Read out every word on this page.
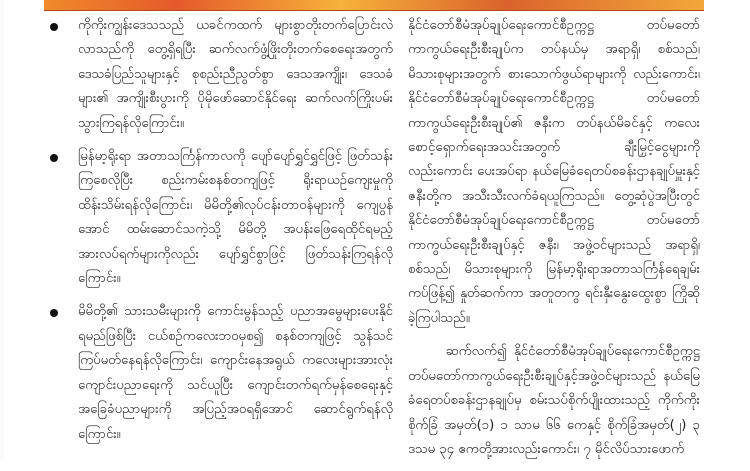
ကိုကိုးကျွန်းဒေသသည် ယခင်ကထက် များစွာတိုးတက်ပြောင်းလဲလာသည်ကို တွေ့ရှိရပြီး ဆက်လက်ဖွံ့ဖြိုးတိုးတက်စေရေးအတွက် ဒေသခံပြည်သူများနှင့် စုစည်းညီညွတ်စွာ ဒေသအကျိုး၊ ဒေသခံများ၏ အကျိုးစီးပွားကို ပိုမိုဖော်ဆောင်နိုင်ရေး ဆက်လက်ကြိုးပမ်းသွားကြရန်လိုကြောင်း။
မြန်မာ့ရိုးရာ အတာသင်္ကြန်ကာလကို ပျော်ပျော်ရွှင်ရွှင်ဖြင့် ဖြတ်သန်းကြစေလိုပြီး စည်းကမ်းစနစ်တကျဖြင့် ရိုးရာယဉ်ကျေးမှုကို ထိန်းသိမ်းရန်လိုကြောင်း၊ မိမိတို့၏လုပ်ငန်းတာဝန်များကို ကျေပွန်အောင် ထမ်းဆောင်သကဲ့သို့ မိမိတို့ အပန်းဖြေရေထိုင်ရမည့် အားလပ်ရက်များကိုလည်း ပျော်ရွှင်စွာဖြင့် ဖြတ်သန်းကြရန်လိုကြောင်း။
မိမိတို့၏ သားသမီးများကို ကောင်းမွန်သည့် ပညာအမွေများပေးနိုင်ရမည်ဖြစ်ပြီး ငယ်စဉ်ကလေးဘဝမှစ၍ စနစ်တကျဖြင့် သွန်သင်ကြပ်မတ်နေရန်လိုကြောင်း၊ ကျောင်းနေအရွယ် ကလေးများအားလုံး ကျောင်းပညာရေးကို သင်ယူပြီး ကျောင်းတက်ရက်မှန်စေရေးနှင့် အခြေခံပညာများကို အပြည့်အဝရရှိအောင် ဆောင်ရွက်ရန်လိုကြောင်း။

နိုင်ငံတော်စီမံအုပ်ချုပ်ရေးကောင်စီဥက္ကဋ္ဌ တပ်မတော်ကာကွယ်ရေးဦးစီးချုပ်က တပ်နယ်မှ အရာရှိ၊ စစ်သည်၊ မိသားစုများအတွက် စားသောက်ဖွယ်ရာများကို လည်းကောင်း၊ နိုင်ငံတော်စီမံအုပ်ချုပ်ရေးကောင်စီဥက္ကဋ္ဌ တပ်မတော်ကာကွယ်ရေးဦးစီးချုပ်၏ ဇနီးက တပ်နယ်မိခင်နှင့် ကလေးစောင့်ရှောက်ရေးအသင်းအတွက် ချီးမြှင့်ငွေများကိုလည်းကောင်း ပေးအပ်ရာ နယ်မြေခံရေတပ်စခန်းဌာနချုပ်မှူးနှင့် ဇနီးတို့က အသီးသီးလက်ခံရယူကြသည်။ တွေ့ဆုံပွဲအပြီးတွင် နိုင်ငံတော်စီမံအုပ်ချုပ်ရေးကောင်စီဥက္ကဋ္ဌ တပ်မတော်ကာကွယ်ရေးဦးစီးချုပ်နှင့် ဇနီး၊ အဖွဲ့ဝင်များသည် အရာရှိ၊ စစ်သည်၊ မိသားစုများကို မြန်မာ့ရိုးရာအတာသင်္ကြန်ရေချမ်းကပ်ဖြန့်၍ နှုတ်ဆက်ကာ အတူတကွ ရင်းနှီးနွေးထွေးစွာ ကြိုဆိုခဲ့ကြပါသည်။

ဆက်လက်၍ နိုင်ငံတော်စီမံအုပ်ချုပ်ရေးကောင်စီဥက္ကဋ္ဌ တပ်မတော်ကာကွယ်ရေးဦးစီးချုပ်နှင့်အဖွဲ့ဝင်များသည် နယ်မြေခံရေတပ်စခန်းဌာနချုပ်မှ စမ်းသပ်စိုက်ပျိုးထားသည့် ကိုက်ကိုးစိုက်ခြံ အမှတ်(၁) ၁ သာမ ၆၆ ကေနှင့် စိုက်ခြံအမှတ်(၂) ၃ ဒသမ ၃၄ ဧကတို့အားလည်းကောင်း၊ ၇ မိုင်လိပ်သားဖောက်
